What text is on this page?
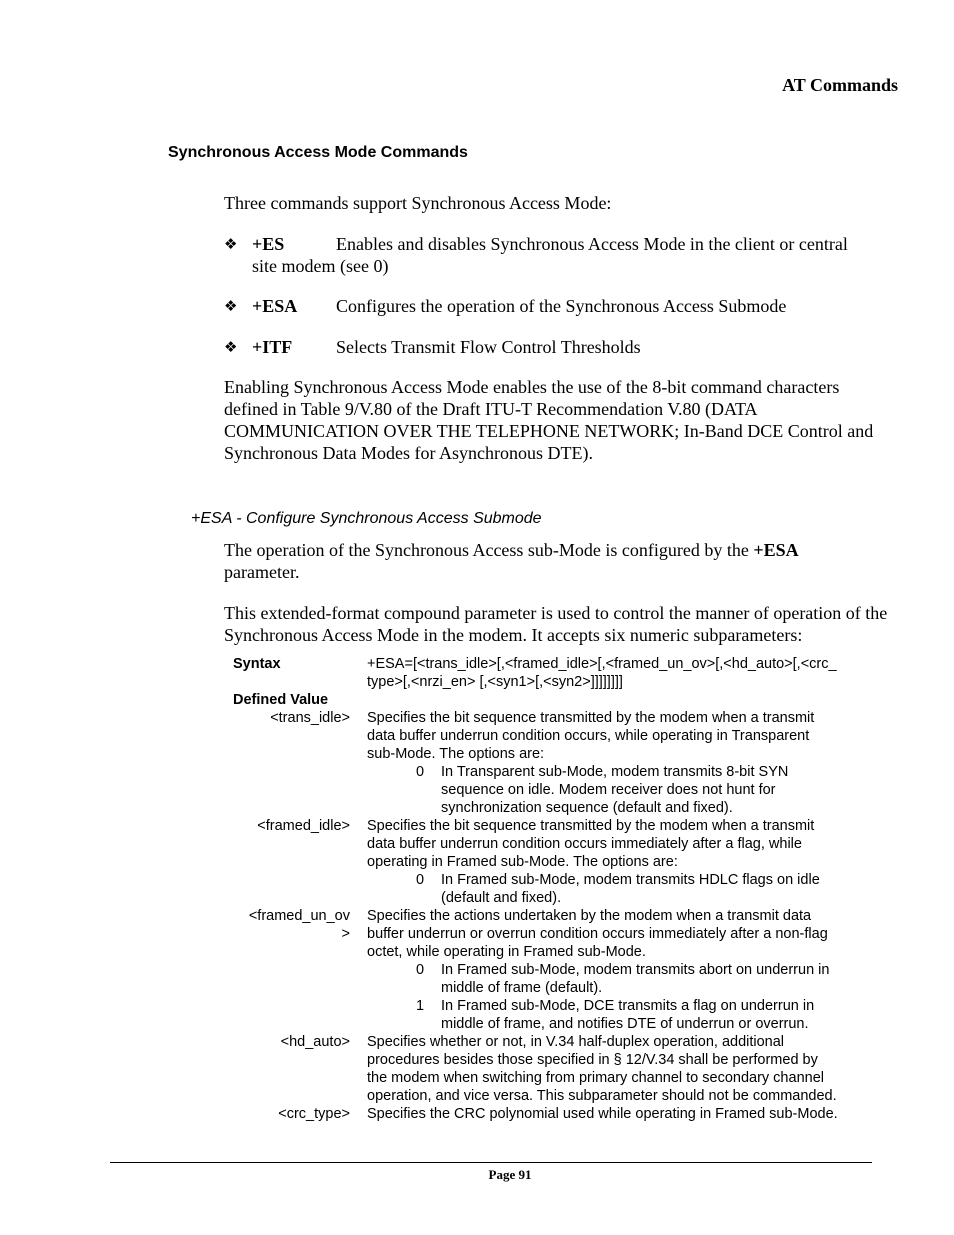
AT Commands
Synchronous Access Mode Commands
Three commands support Synchronous Access Mode:
❖ +ES	Enables and disables Synchronous Access Mode in the client or central
site modem (see 0)
❖ +ESA Configures the operation of the Synchronous Access Submode
❖ +ITF Selects Transmit Flow Control Thresholds
Enabling Synchronous Access Mode enables the use of the 8-bit command characters defined in Table 9/V.80 of the Draft ITU-T Recommendation V.80 (DATA COMMUNICATION OVER THE TELEPHONE NETWORK; In-Band DCE Control and Synchronous Data Modes for Asynchronous DTE).
+ESA - Configure Synchronous Access Submode
The operation of the Synchronous Access sub-Mode is configured by the +ESA
parameter.
This extended-format compound parameter is used to control the manner of operation of the Synchronous Access Mode in the modem. It accepts six numeric subparameters:
Syntax	+ESA=[<trans_idle>[,<framed_idle>[,<framed_un_ov>[,<hd_auto>[,<crc_
type>[,<nrzi_en> [,<syn1>[,<syn2>]]]]]]]]
Defined Value
<trans_idle> Specifies the bit sequence transmitted by the modem when a transmit
data buffer underrun condition occurs, while operating in Transparent
sub-Mode. The options are:
0	In Transparent sub-Mode, modem transmits 8-bit SYN
sequence on idle. Modem receiver does not hunt for
synchronization sequence (default and fixed).
<framed_idle> Specifies the bit sequence transmitted by the modem when a transmit
data buffer underrun condition occurs immediately after a flag, while
operating in Framed sub-Mode. The options are:
0	In Framed sub-Mode, modem transmits HDLC flags on idle
(default and fixed).
<framed_un_ov
>
Specifies the actions undertaken by the modem when a transmit data
buffer underrun or overrun condition occurs immediately after a non-flag
octet, while operating in Framed sub-Mode.
0	In Framed sub-Mode, modem transmits abort on underrun in
middle of frame (default).
1	In Framed sub-Mode, DCE transmits a flag on underrun in
middle of frame, and notifies DTE of underrun or overrun.
<hd_auto> Specifies whether or not, in V.34 half-duplex operation, additional
procedures besides those specified in § 12/V.34 shall be performed by
the modem when switching from primary channel to secondary channel
operation, and vice versa. This subparameter should not be commanded.
<crc_type> Specifies the CRC polynomial used while operating in Framed sub-Mode.
Page 91
